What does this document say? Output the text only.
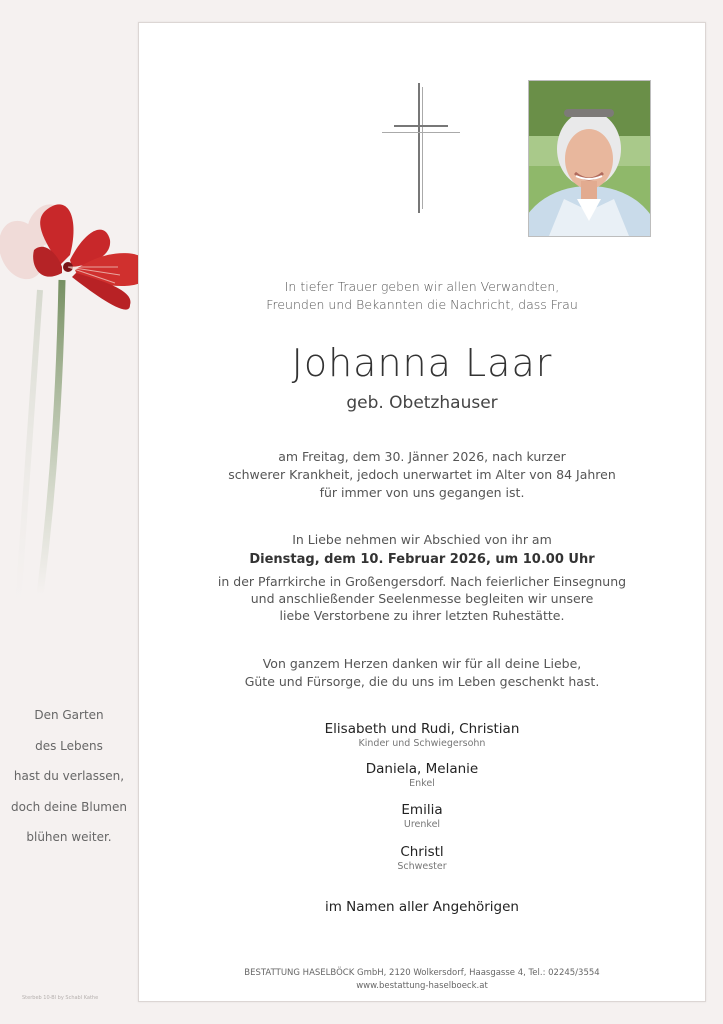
Den Garten
des Lebens
hast du verlassen,
doch deine Blumen
blühen weiter.
Sterbeb 10-Bl by Schabl Kathe
In tiefer Trauer geben wir allen Verwandten,
Freunden und Bekannten die Nachricht, dass Frau
Johanna Laar
geb. Obetzhauser
am Freitag, dem 30. Jänner 2026, nach kurzer
schwerer Krankheit, jedoch unerwartet im Alter von 84 Jahren
für immer von uns gegangen ist.
In Liebe nehmen wir Abschied von ihr am
Dienstag, dem 10. Februar 2026, um 10.00 Uhr
in der Pfarrkirche in Großengersdorf. Nach feierlicher Einsegnung
und anschließender Seelenmesse begleiten wir unsere
liebe Verstorbene zu ihrer letzten Ruhestätte.
Von ganzem Herzen danken wir für all deine Liebe,
Güte und Fürsorge, die du uns im Leben geschenkt hast.
Elisabeth und Rudi, Christian
Kinder und Schwiegersohn
Daniela, Melanie
Enkel
Emilia
Urenkel
Christl
Schwester
im Namen aller Angehörigen
BESTATTUNG HASELBÖCK GmbH, 2120 Wolkersdorf, Haasgasse 4, Tel.: 02245/3554
www.bestattung-haselboeck.at
